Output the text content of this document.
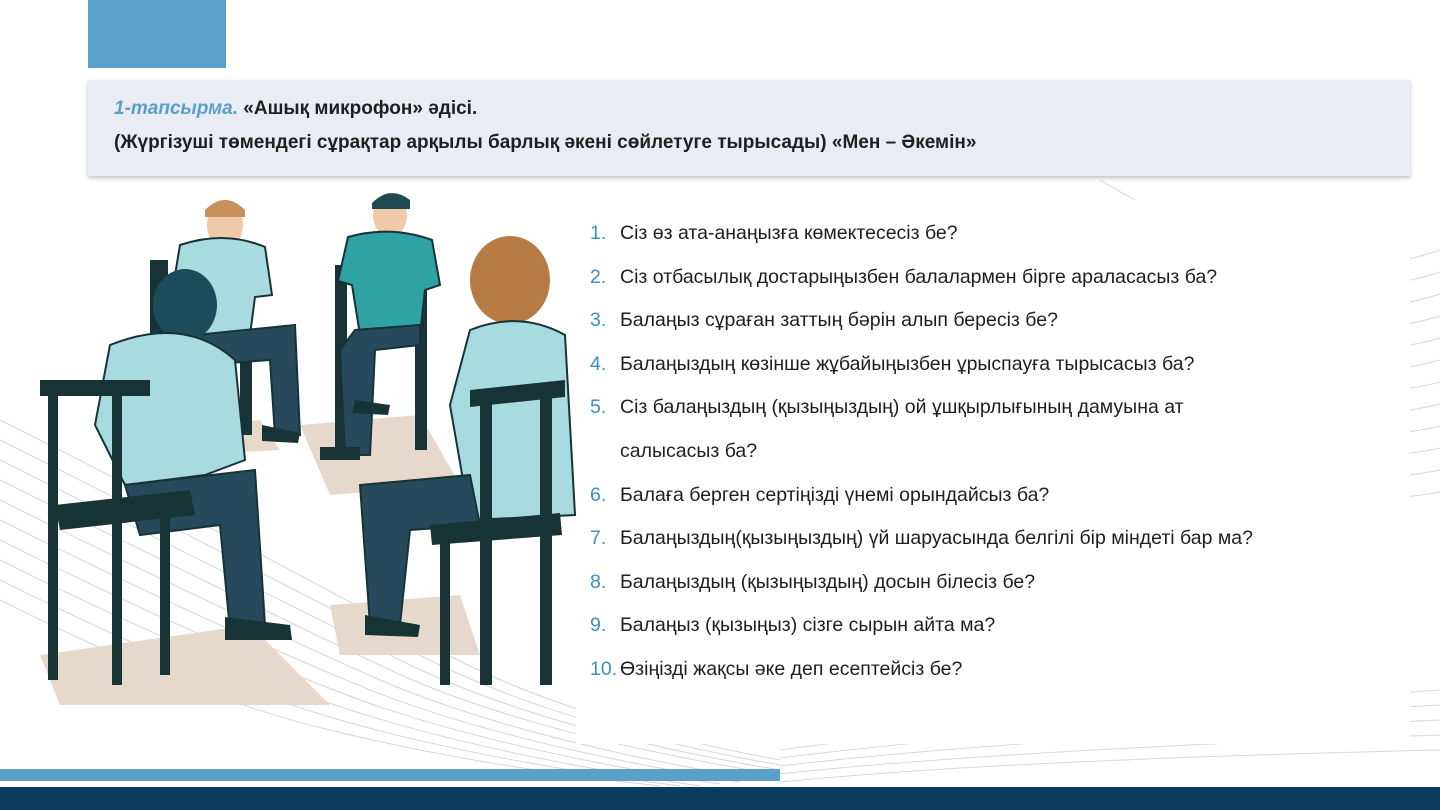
1-тапсырма. «Ашық микрофон» әдісі.
(Жүргізуші төмендегі сұрақтар арқылы барлық әкені сөйлетуге тырысады) «Мен – Әкемін»
1. Сіз өз ата-анаңызға көмектесесіз бе?
2. Сіз отбасылық достарыңызбен балалармен бірге араласасыз ба?
3. Балаңыз сұраған заттың бәрін алып бересіз бе?
4. Балаңыздың көзінше жұбайыңызбен ұрыспауға тырысасыз ба?
5. Сіз балаңыздың (қызыңыздың) ой ұшқырлығының дамуына ат
салысасыз ба?
6. Балаға берген сертіңізді үнемі орындайсыз ба?
7. Балаңыздың(қызыңыздың) үй шаруасында белгілі бір міндеті бар ма?
8. Балаңыздың (қызыңыздың) досын білесіз бе?
9. Балаңыз (қызыңыз) сізге сырын айта ма?
10. Өзіңізді жақсы әке деп есептейсіз бе?
